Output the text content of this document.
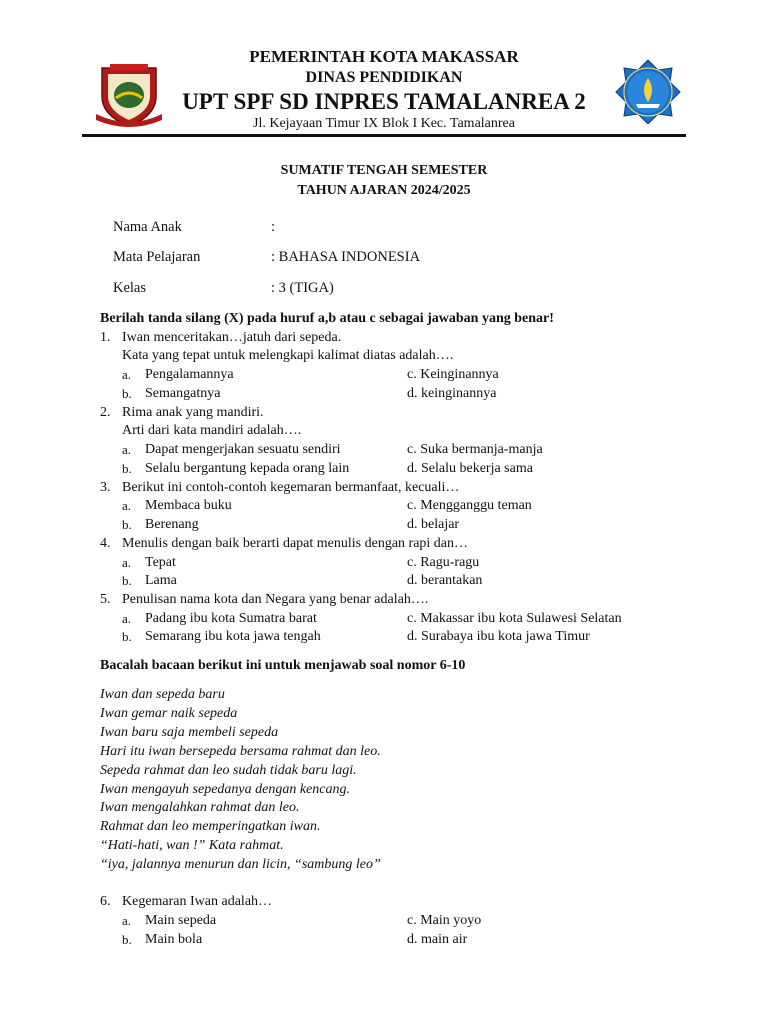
PEMERINTAH KOTA MAKASSAR
DINAS PENDIDIKAN
UPT SPF SD INPRES TAMALANREA 2
Jl. Kejayaan Timur IX Blok I Kec. Tamalanrea
SUMATIF TENGAH SEMESTER
TAHUN AJARAN 2024/2025
Nama Anak	:
Mata Pelajaran	: BAHASA INDONESIA
Kelas	: 3 (TIGA)
Berilah tanda silang (X) pada huruf a,b atau c sebagai jawaban yang benar!
1. Iwan menceritakan…jatuh dari sepeda.
Kata yang tepat untuk melengkapi kalimat diatas adalah….
a. Pengalamannya	c. Keinginannya
b. Semangatnya	d. keinginannya
2. Rima anak yang mandiri.
Arti dari kata mandiri adalah….
a. Dapat mengerjakan sesuatu sendiri	c. Suka bermanja-manja
b. Selalu bergantung kepada orang lain	d. Selalu bekerja sama
3. Berikut ini contoh-contoh kegemaran bermanfaat, kecuali…
a. Membaca buku	c. Mengganggu teman
b. Berenang	d. belajar
4. Menulis dengan baik berarti dapat menulis dengan rapi dan…
a. Tepat	c. Ragu-ragu
b. Lama	d. berantakan
5. Penulisan nama kota dan Negara yang benar adalah….
a. Padang ibu kota Sumatra barat	c. Makassar ibu kota Sulawesi Selatan
b. Semarang ibu kota jawa tengah	d. Surabaya ibu kota jawa Timur
Bacalah bacaan berikut ini untuk menjawab soal nomor 6-10
Iwan dan sepeda baru
Iwan gemar naik sepeda
Iwan baru saja membeli sepeda
Hari itu iwan bersepeda bersama rahmat dan leo.
Sepeda rahmat dan leo sudah tidak baru lagi.
Iwan mengayuh sepedanya dengan kencang.
Iwan mengalahkan rahmat dan leo.
Rahmat dan leo memperingatkan iwan.
“Hati-hati, wan !” Kata rahmat.
“iya, jalannya menurun dan licin, “sambung leo”
6. Kegemaran Iwan adalah…
a. Main sepeda	c. Main yoyo
b. Main bola	d. main air
